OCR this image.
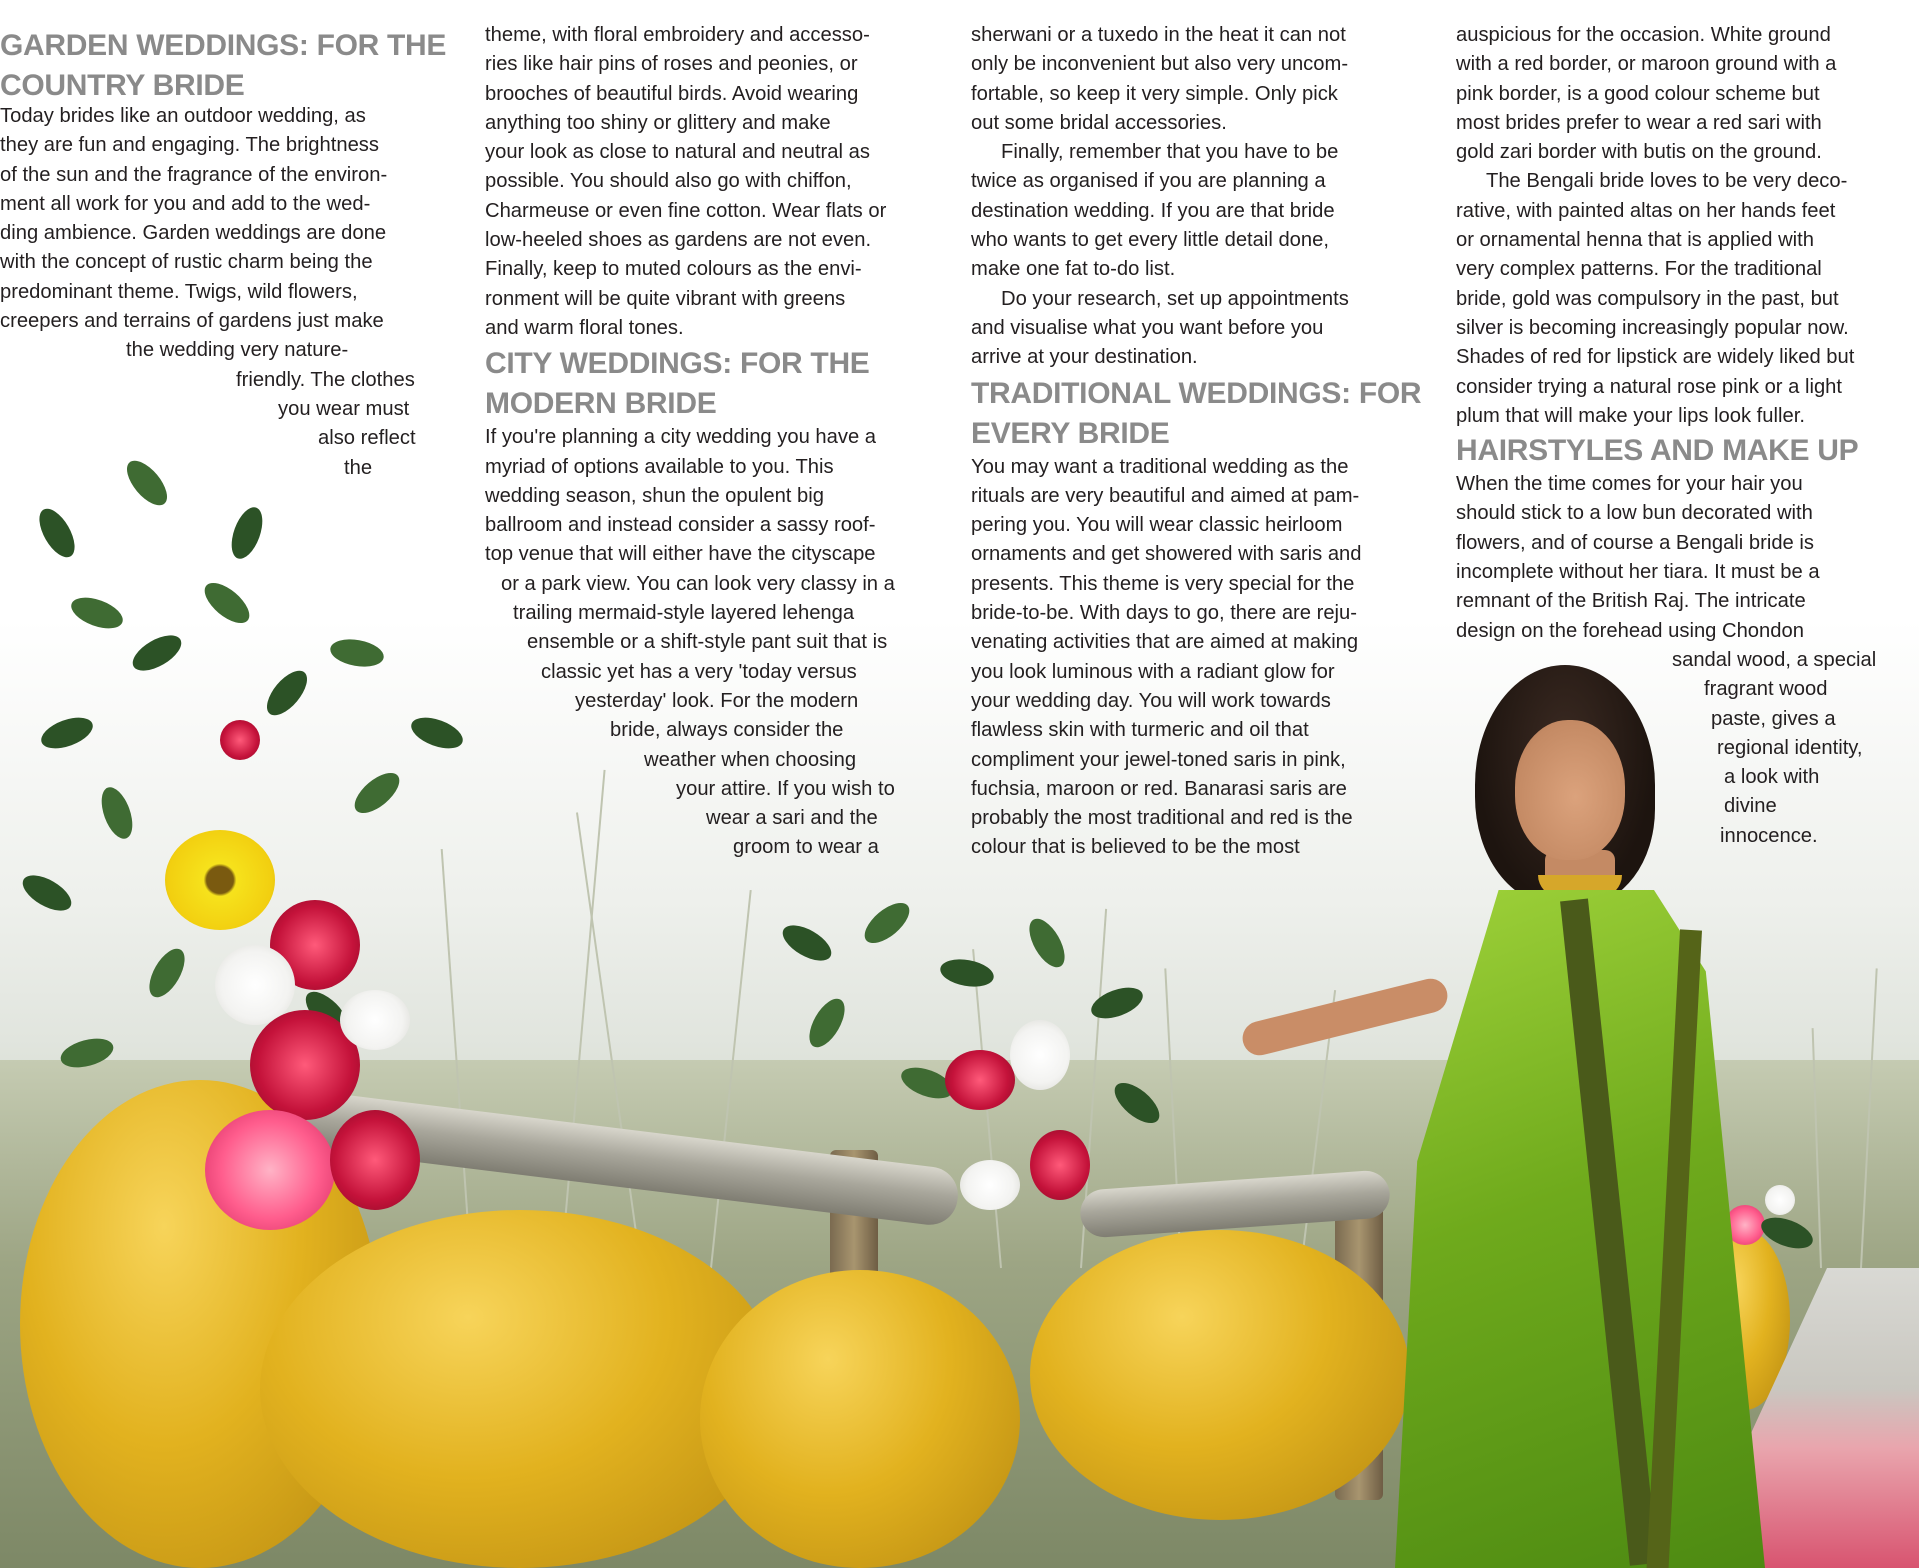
GARDEN WEDDINGS: FOR THE
COUNTRY BRIDE

Today brides like an outdoor wedding, as
they are fun and engaging. The brightness
of the sun and the fragrance of the environ-
ment all work for you and add to the wed-
ding ambience. Garden weddings are done
with the concept of rustic charm being the
predominant theme. Twigs, wild flowers,
creepers and terrains of gardens just make
the wedding very nature-
friendly. The clothes
you wear must
also reflect
the

theme, with floral embroidery and accesso-
ries like hair pins of roses and peonies, or
brooches of beautiful birds. Avoid wearing
anything too shiny or glittery and make
your look as close to natural and neutral as
possible. You should also go with chiffon,
Charmeuse or even fine cotton. Wear flats or
low-heeled shoes as gardens are not even.
Finally, keep to muted colours as the envi-
ronment will be quite vibrant with greens
and warm floral tones.

CITY WEDDINGS: FOR THE
MODERN BRIDE

If you're planning a city wedding you have a
myriad of options available to you. This
wedding season, shun the opulent big
ballroom and instead consider a sassy roof-
top venue that will either have the cityscape
or a park view. You can look very classy in a
trailing mermaid-style layered lehenga
ensemble or a shift-style pant suit that is
classic yet has a very 'today versus
yesterday' look. For the modern
bride, always consider the
weather when choosing
your attire. If you wish to
wear a sari and the
groom to wear a

sherwani or a tuxedo in the heat it can not
only be inconvenient but also very uncom-
fortable, so keep it very simple. Only pick
out some bridal accessories.
Finally, remember that you have to be
twice as organised if you are planning a
destination wedding. If you are that bride
who wants to get every little detail done,
make one fat to-do list.
Do your research, set up appointments
and visualise what you want before you
arrive at your destination.

TRADITIONAL WEDDINGS: FOR
EVERY BRIDE

You may want a traditional wedding as the
rituals are very beautiful and aimed at pam-
pering you. You will wear classic heirloom
ornaments and get showered with saris and
presents. This theme is very special for the
bride-to-be. With days to go, there are reju-
venating activities that are aimed at making
you look luminous with a radiant glow for
your wedding day. You will work towards
flawless skin with turmeric and oil that
compliment your jewel-toned saris in pink,
fuchsia, maroon or red. Banarasi saris are
probably the most traditional and red is the
colour that is believed to be the most

auspicious for the occasion. White ground
with a red border, or maroon ground with a
pink border, is a good colour scheme but
most brides prefer to wear a red sari with
gold zari border with butis on the ground.
The Bengali bride loves to be very deco-
rative, with painted altas on her hands feet
or ornamental henna that is applied with
very complex patterns. For the traditional
bride, gold was compulsory in the past, but
silver is becoming increasingly popular now.
Shades of red for lipstick are widely liked but
consider trying a natural rose pink or a light
plum that will make your lips look fuller.

HAIRSTYLES AND MAKE UP

When the time comes for your hair you
should stick to a low bun decorated with
flowers, and of course a Bengali bride is
incomplete without her tiara. It must be a
remnant of the British Raj. The intricate
design on the forehead using Chondon
sandal wood, a special
fragrant wood
paste, gives a
regional identity,
a look with
divine
innocence.
